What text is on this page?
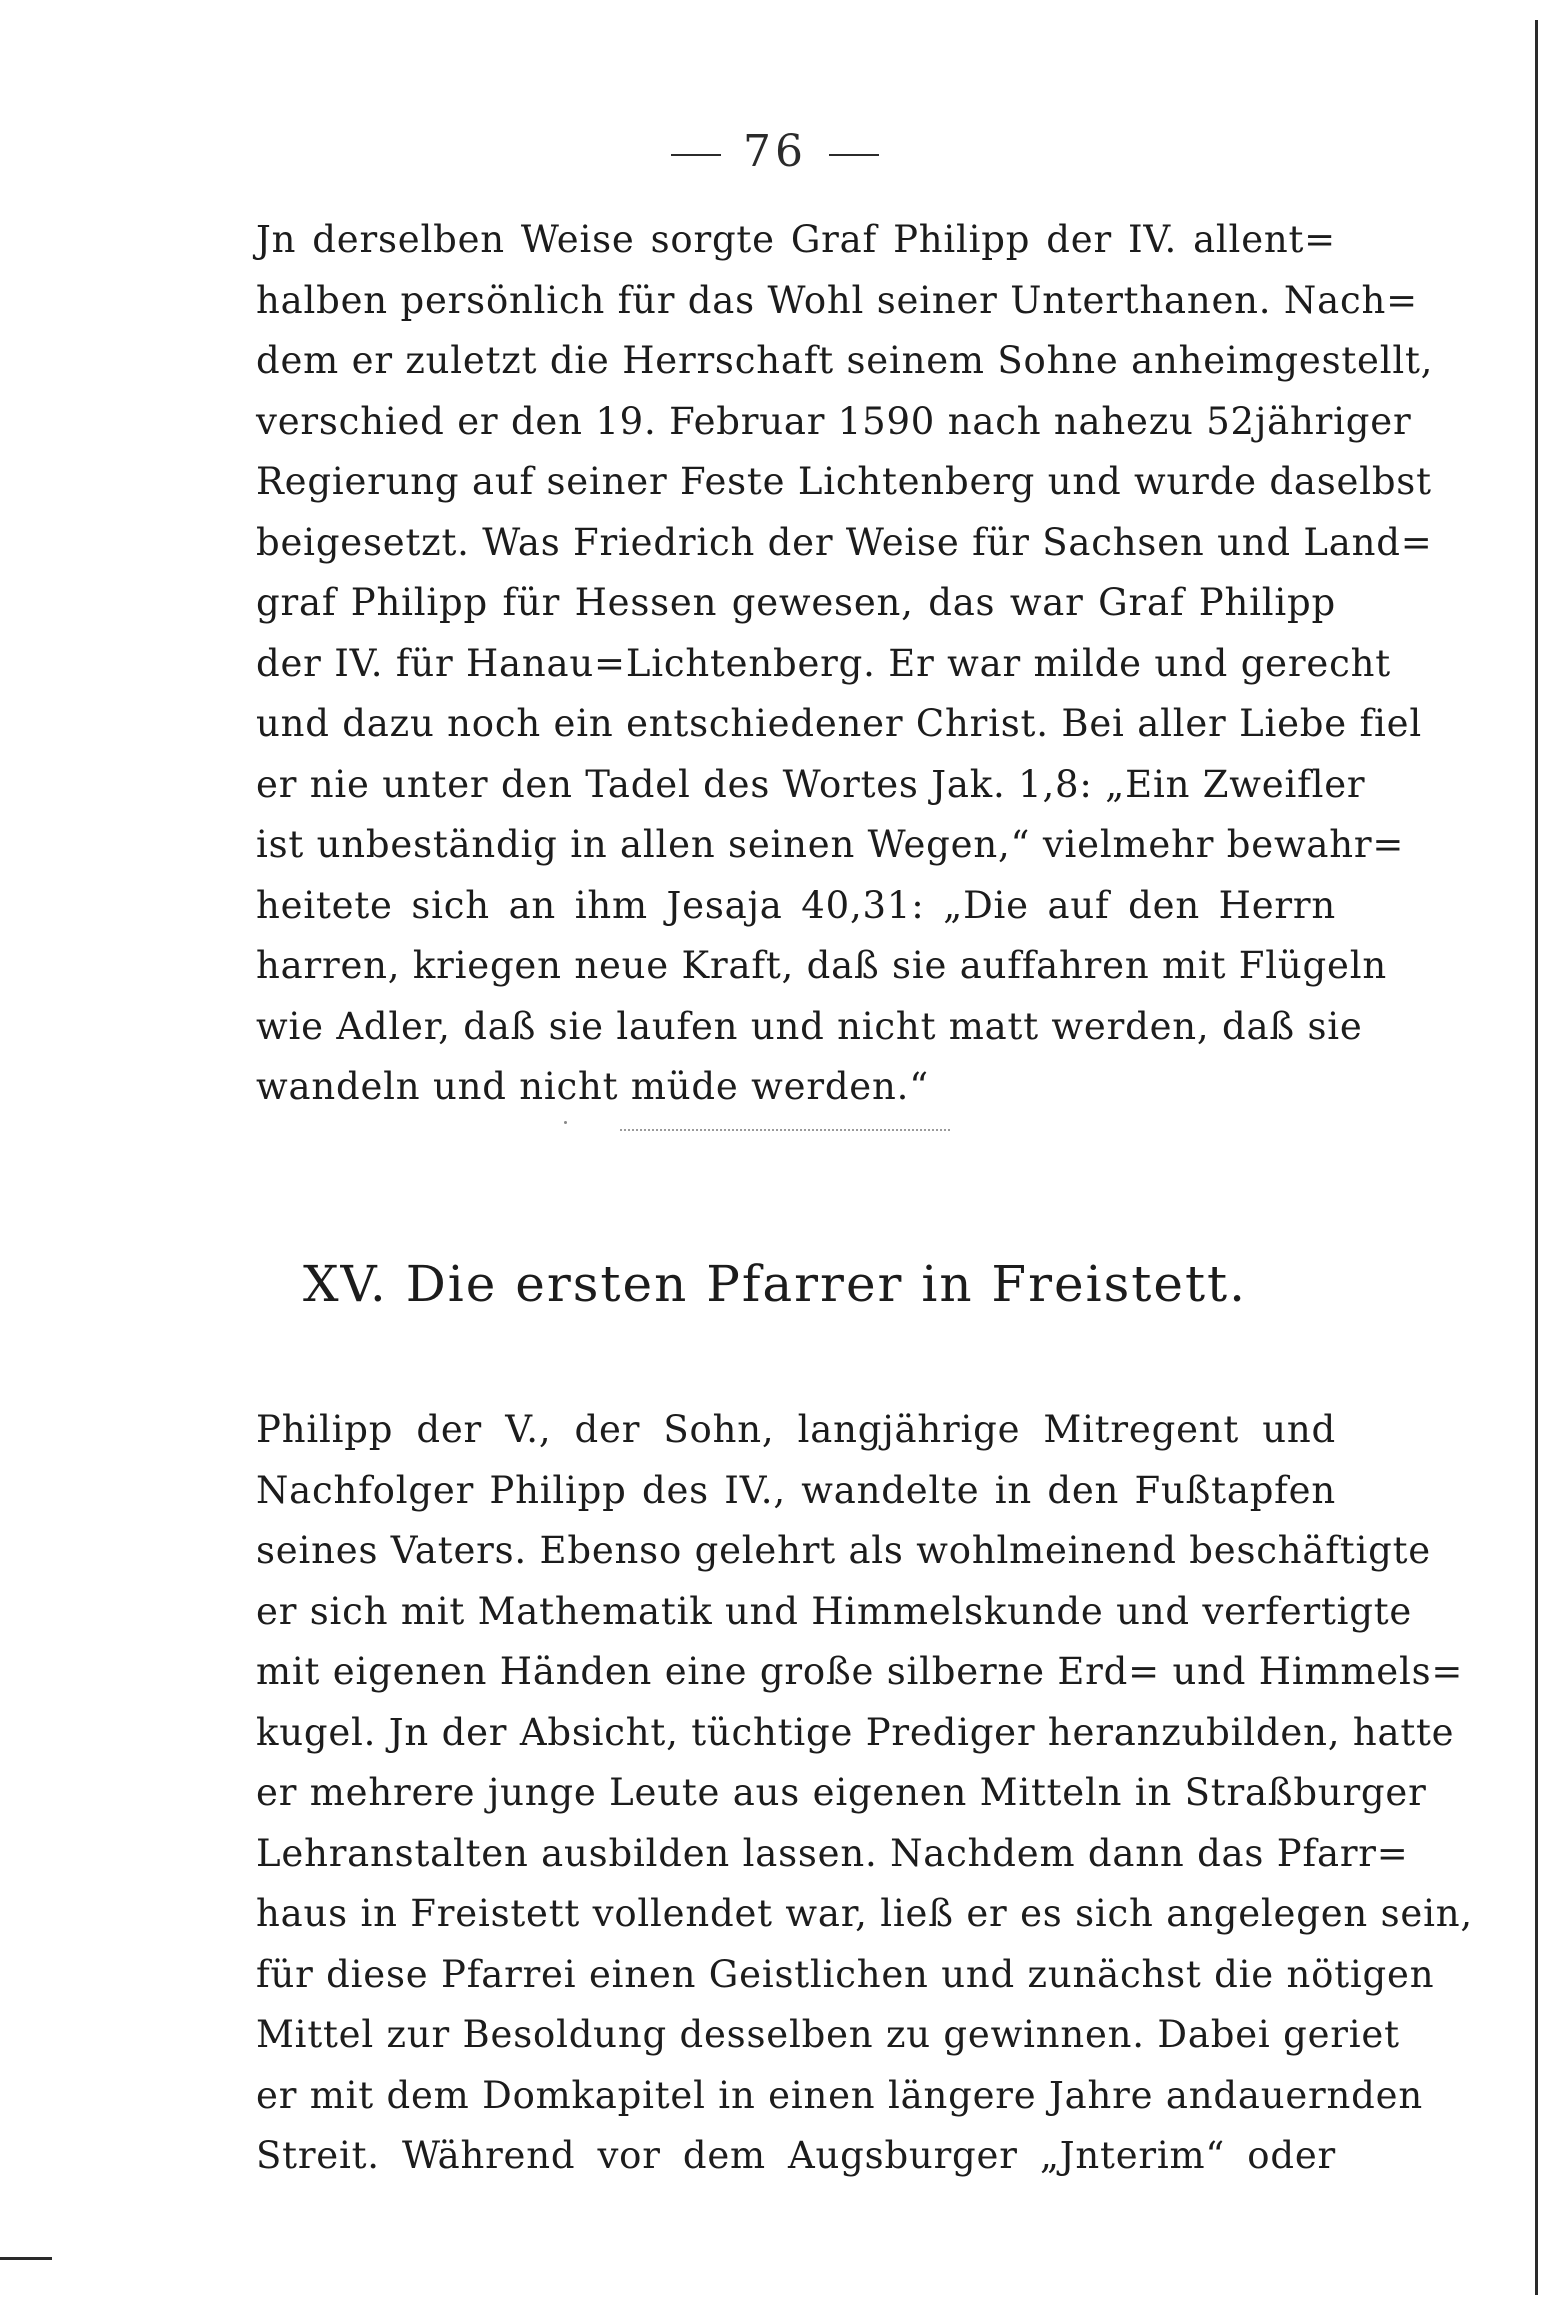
76
Jn derselben Weise sorgte Graf Philipp der IV. allent=
halben persönlich für das Wohl seiner Unterthanen. Nach=
dem er zuletzt die Herrschaft seinem Sohne anheimgestellt,
verschied er den 19. Februar 1590 nach nahezu 52jähriger
Regierung auf seiner Feste Lichtenberg und wurde daselbst
beigesetzt. Was Friedrich der Weise für Sachsen und Land=
graf Philipp für Hessen gewesen, das war Graf Philipp
der IV. für Hanau=Lichtenberg. Er war milde und gerecht
und dazu noch ein entschiedener Christ. Bei aller Liebe fiel
er nie unter den Tadel des Wortes Jak. 1,8: „Ein Zweifler
ist unbeständig in allen seinen Wegen,“ vielmehr bewahr=
heitete sich an ihm Jesaja 40,31: „Die auf den Herrn
harren, kriegen neue Kraft, daß sie auffahren mit Flügeln
wie Adler, daß sie laufen und nicht matt werden, daß sie
wandeln und nicht müde werden.“
XV. Die ersten Pfarrer in Freistett.
Philipp der V., der Sohn, langjährige Mitregent und
Nachfolger Philipp des IV., wandelte in den Fußtapfen
seines Vaters. Ebenso gelehrt als wohlmeinend beschäftigte
er sich mit Mathematik und Himmelskunde und verfertigte
mit eigenen Händen eine große silberne Erd= und Himmels=
kugel. Jn der Absicht, tüchtige Prediger heranzubilden, hatte
er mehrere junge Leute aus eigenen Mitteln in Straßburger
Lehranstalten ausbilden lassen. Nachdem dann das Pfarr=
haus in Freistett vollendet war, ließ er es sich angelegen sein,
für diese Pfarrei einen Geistlichen und zunächst die nötigen
Mittel zur Besoldung desselben zu gewinnen. Dabei geriet
er mit dem Domkapitel in einen längere Jahre andauernden
Streit. Während vor dem Augsburger „Jnterim“ oder
